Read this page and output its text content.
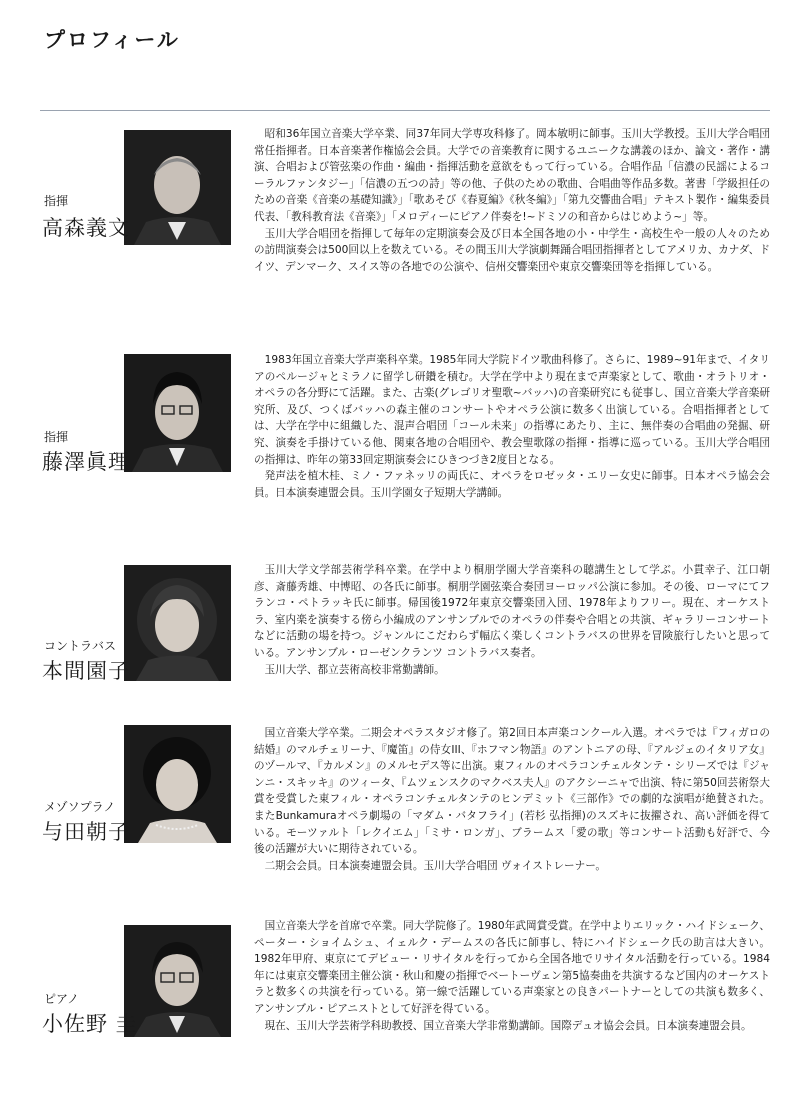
プロフィール
指揮
高森義文

昭和36年国立音楽大学卒業、同37年同大学専攻科修了。岡本敏明に師事。玉川大学教授。玉川大学合唱団常任指揮者。日本音楽著作権協会会員。大学での音楽教育に関するユニークな講義のほか、論文・著作・講演、合唱および管弦楽の作曲・編曲・指揮活動を意欲をもって行っている。合唱作品「信濃の民謡によるコーラルファンタジー」「信濃の五つの詩」等の他、子供のための歌曲、合唱曲等作品多数。著書「学級担任のための音楽《音楽の基礎知識》」「歌あそび《春夏編》《秋冬編》」「第九交響曲合唱」テキスト製作・編集委員代表、「教科教育法《音楽》」「メロディーにピアノ伴奏を!~ドミソの和音からはじめよう~」等。

玉川大学合唱団を指揮して毎年の定期演奏会及び日本全国各地の小・中学生・高校生や一般の人々のための訪問演奏会は500回以上を数えている。その間玉川大学演劇舞踊合唱団指揮者としてアメリカ、カナダ、ドイツ、デンマーク、スイス等の各地での公演や、信州交響楽団や東京交響楽団等を指揮している。

指揮
藤澤眞理

1983年国立音楽大学声楽科卒業。1985年同大学院ドイツ歌曲科修了。さらに、1989~91年まで、イタリアのペルージャとミラノに留学し研鑽を積む。大学在学中より現在まで声楽家として、歌曲・オラトリオ・オペラの各分野にて活躍。また、古楽(グレゴリオ聖歌~バッハ)の音楽研究にも従事し、国立音楽大学音楽研究所、及び、つくばバッハの森主催のコンサートやオペラ公演に数多く出演している。合唱指揮者としては、大学在学中に組織した、混声合唱団「コール未来」の指導にあたり、主に、無伴奏の合唱曲の発掘、研究、演奏を手掛けている他、関東各地の合唱団や、教会聖歌隊の指揮・指導に巡っている。玉川大学合唱団の指揮は、昨年の第33回定期演奏会にひきつづき2度目となる。

発声法を植木桂、ミノ・ファネッリの両氏に、オペラをロゼッタ・エリー女史に師事。日本オペラ協会会員。日本演奏連盟会員。玉川学園女子短期大学講師。

コントラバス
本間園子

玉川大学文学部芸術学科卒業。在学中より桐朋学園大学音楽科の聴講生として学ぶ。小貫幸子、江口朝彦、斎藤秀雄、中博昭、の各氏に師事。桐朋学園弦楽合奏団ヨーロッパ公演に参加。その後、ローマにてフランコ・ペトラッキ氏に師事。帰国後1972年東京交響楽団入団、1978年よりフリー。現在、オーケストラ、室内楽を演奏する傍ら小編成のアンサンブルでのオペラの伴奏や合唱との共演、ギャラリーコンサートなどに活動の場を持つ。ジャンルにこだわらず幅広く楽しくコントラバスの世界を冒険旅行したいと思っている。アンサンブル・ローゼンクランツ コントラバス奏者。

玉川大学、都立芸術高校非常勤講師。

メゾソプラノ
与田朝子

国立音楽大学卒業。二期会オペラスタジオ修了。第2回日本声楽コンクール入選。オペラでは『フィガロの結婚』のマルチェリーナ、『魔笛』の侍女III、『ホフマン物語』のアントニアの母、『アルジェのイタリア女』のヅールマ、『カルメン』のメルセデス等に出演。東フィルのオペラコンチェルタンテ・シリーズでは『ジャンニ・スキッキ』のツィータ、『ムツェンスクのマクベス夫人』のアクシーニャで出演、特に第50回芸術祭大賞を受賞した東フィル・オペラコンチェルタンテのヒンデミット《三部作》での劇的な演唱が絶賛された。またBunkamuraオペラ劇場の「マダム・バタフライ」(若杉 弘指揮)のスズキに抜擢され、高い評価を得ている。モーツァルト「レクイエム」「ミサ・ロンガ」、ブラームス「愛の歌」等コンサート活動も好評で、今後の活躍が大いに期待されている。

二期会会員。日本演奏連盟会員。玉川大学合唱団 ヴォイストレーナー。

ピアノ
小佐野 圭

国立音楽大学を首席で卒業。同大学院修了。1980年武岡賞受賞。在学中よりエリック・ハイドシェーク、ペーター・ショイムシュ、イェルク・デームスの各氏に師事し、特にハイドシェーク氏の助言は大きい。1982年甲府、東京にてデビュー・リサイタルを行ってから全国各地でリサイタル活動を行っている。1984年には東京交響楽団主催公演・秋山和慶の指揮でベートーヴェン第5協奏曲を共演するなど国内のオーケストラと数多くの共演を行っている。第一線で活躍している声楽家との良きパートナーとしての共演も数多く、アンサンブル・ピアニストとして好評を得ている。

現在、玉川大学芸術学科助教授、国立音楽大学非常勤講師。国際デュオ協会会員。日本演奏連盟会員。
